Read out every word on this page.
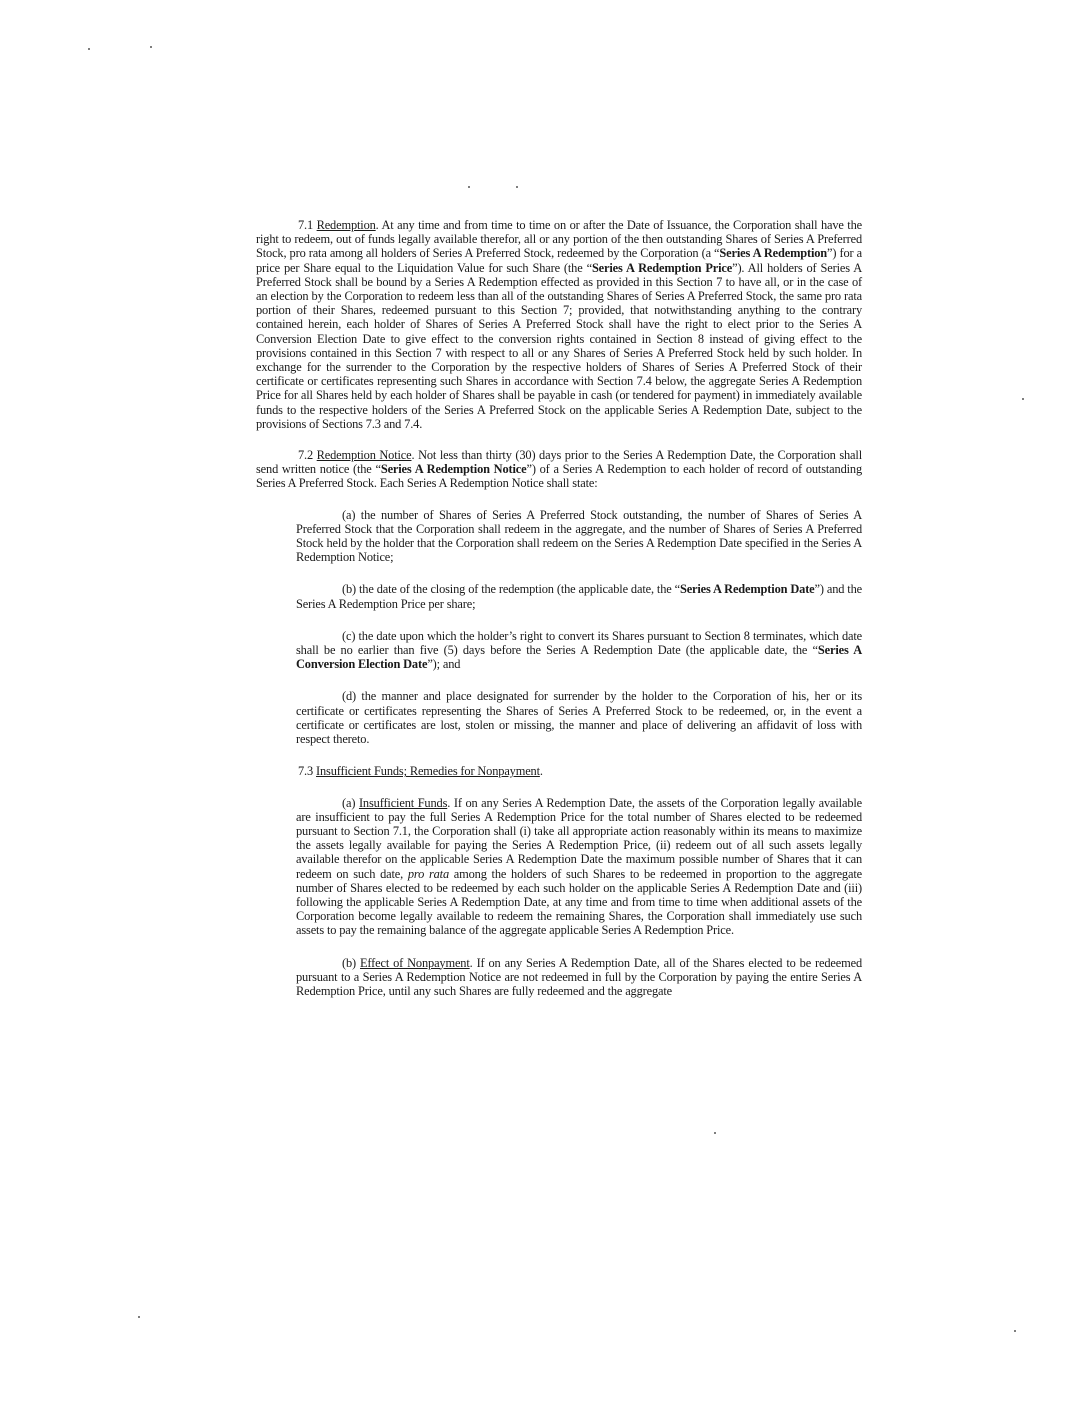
7.1 Redemption. At any time and from time to time on or after the Date of Issuance, the Corporation shall have the right to redeem, out of funds legally available therefor, all or any portion of the then outstanding Shares of Series A Preferred Stock, pro rata among all holders of Series A Preferred Stock, redeemed by the Corporation (a “Series A Redemption”) for a price per Share equal to the Liquidation Value for such Share (the “Series A Redemption Price”). All holders of Series A Preferred Stock shall be bound by a Series A Redemption effected as provided in this Section 7 to have all, or in the case of an election by the Corporation to redeem less than all of the outstanding Shares of Series A Preferred Stock, the same pro rata portion of their Shares, redeemed pursuant to this Section 7; provided, that notwithstanding anything to the contrary contained herein, each holder of Shares of Series A Preferred Stock shall have the right to elect prior to the Series A Conversion Election Date to give effect to the conversion rights contained in Section 8 instead of giving effect to the provisions contained in this Section 7 with respect to all or any Shares of Series A Preferred Stock held by such holder. In exchange for the surrender to the Corporation by the respective holders of Shares of Series A Preferred Stock of their certificate or certificates representing such Shares in accordance with Section 7.4 below, the aggregate Series A Redemption Price for all Shares held by each holder of Shares shall be payable in cash (or tendered for payment) in immediately available funds to the respective holders of the Series A Preferred Stock on the applicable Series A Redemption Date, subject to the provisions of Sections 7.3 and 7.4.

7.2 Redemption Notice. Not less than thirty (30) days prior to the Series A Redemption Date, the Corporation shall send written notice (the “Series A Redemption Notice”) of a Series A Redemption to each holder of record of outstanding Series A Preferred Stock. Each Series A Redemption Notice shall state:

(a) the number of Shares of Series A Preferred Stock outstanding, the number of Shares of Series A Preferred Stock that the Corporation shall redeem in the aggregate, and the number of Shares of Series A Preferred Stock held by the holder that the Corporation shall redeem on the Series A Redemption Date specified in the Series A Redemption Notice;

(b) the date of the closing of the redemption (the applicable date, the “Series A Redemption Date”) and the Series A Redemption Price per share;

(c) the date upon which the holder’s right to convert its Shares pursuant to Section 8 terminates, which date shall be no earlier than five (5) days before the Series A Redemption Date (the applicable date, the “Series A Conversion Election Date”); and

(d) the manner and place designated for surrender by the holder to the Corporation of his, her or its certificate or certificates representing the Shares of Series A Preferred Stock to be redeemed, or, in the event a certificate or certificates are lost, stolen or missing, the manner and place of delivering an affidavit of loss with respect thereto.

7.3 Insufficient Funds; Remedies for Nonpayment.

(a) Insufficient Funds. If on any Series A Redemption Date, the assets of the Corporation legally available are insufficient to pay the full Series A Redemption Price for the total number of Shares elected to be redeemed pursuant to Section 7.1, the Corporation shall (i) take all appropriate action reasonably within its means to maximize the assets legally available for paying the Series A Redemption Price, (ii) redeem out of all such assets legally available therefor on the applicable Series A Redemption Date the maximum possible number of Shares that it can redeem on such date, pro rata among the holders of such Shares to be redeemed in proportion to the aggregate number of Shares elected to be redeemed by each such holder on the applicable Series A Redemption Date and (iii) following the applicable Series A Redemption Date, at any time and from time to time when additional assets of the Corporation become legally available to redeem the remaining Shares, the Corporation shall immediately use such assets to pay the remaining balance of the aggregate applicable Series A Redemption Price.

(b) Effect of Nonpayment. If on any Series A Redemption Date, all of the Shares elected to be redeemed pursuant to a Series A Redemption Notice are not redeemed in full by the Corporation by paying the entire Series A Redemption Price, until any such Shares are fully redeemed and the aggregate
